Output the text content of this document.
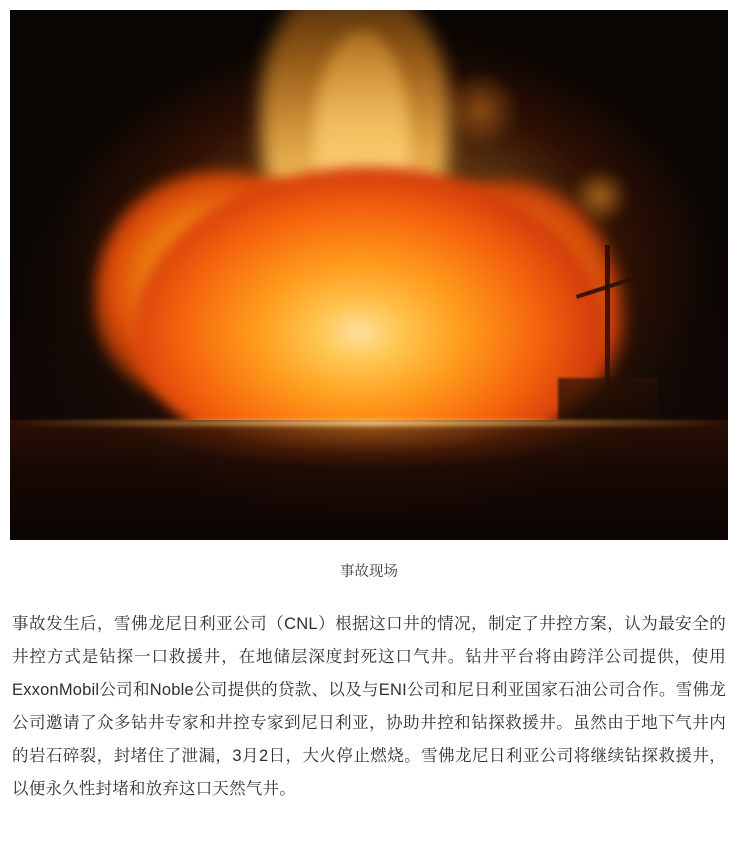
事故现场

事故发生后，雪佛龙尼日利亚公司（CNL）根据这口井的情况，制定了井控方案，认为最安全的井控方式是钻探一口救援井，在地储层深度封死这口气井。钻井平台将由跨洋公司提供，使用ExxonMobil公司和Noble公司提供的贷款、以及与ENI公司和尼日利亚国家石油公司合作。雪佛龙公司邀请了众多钻井专家和井控专家到尼日利亚，协助井控和钻探救援井。虽然由于地下气井内的岩石碎裂，封堵住了泄漏，3月2日，大火停止燃烧。雪佛龙尼日利亚公司将继续钻探救援井，以便永久性封堵和放弃这口天然气井。
